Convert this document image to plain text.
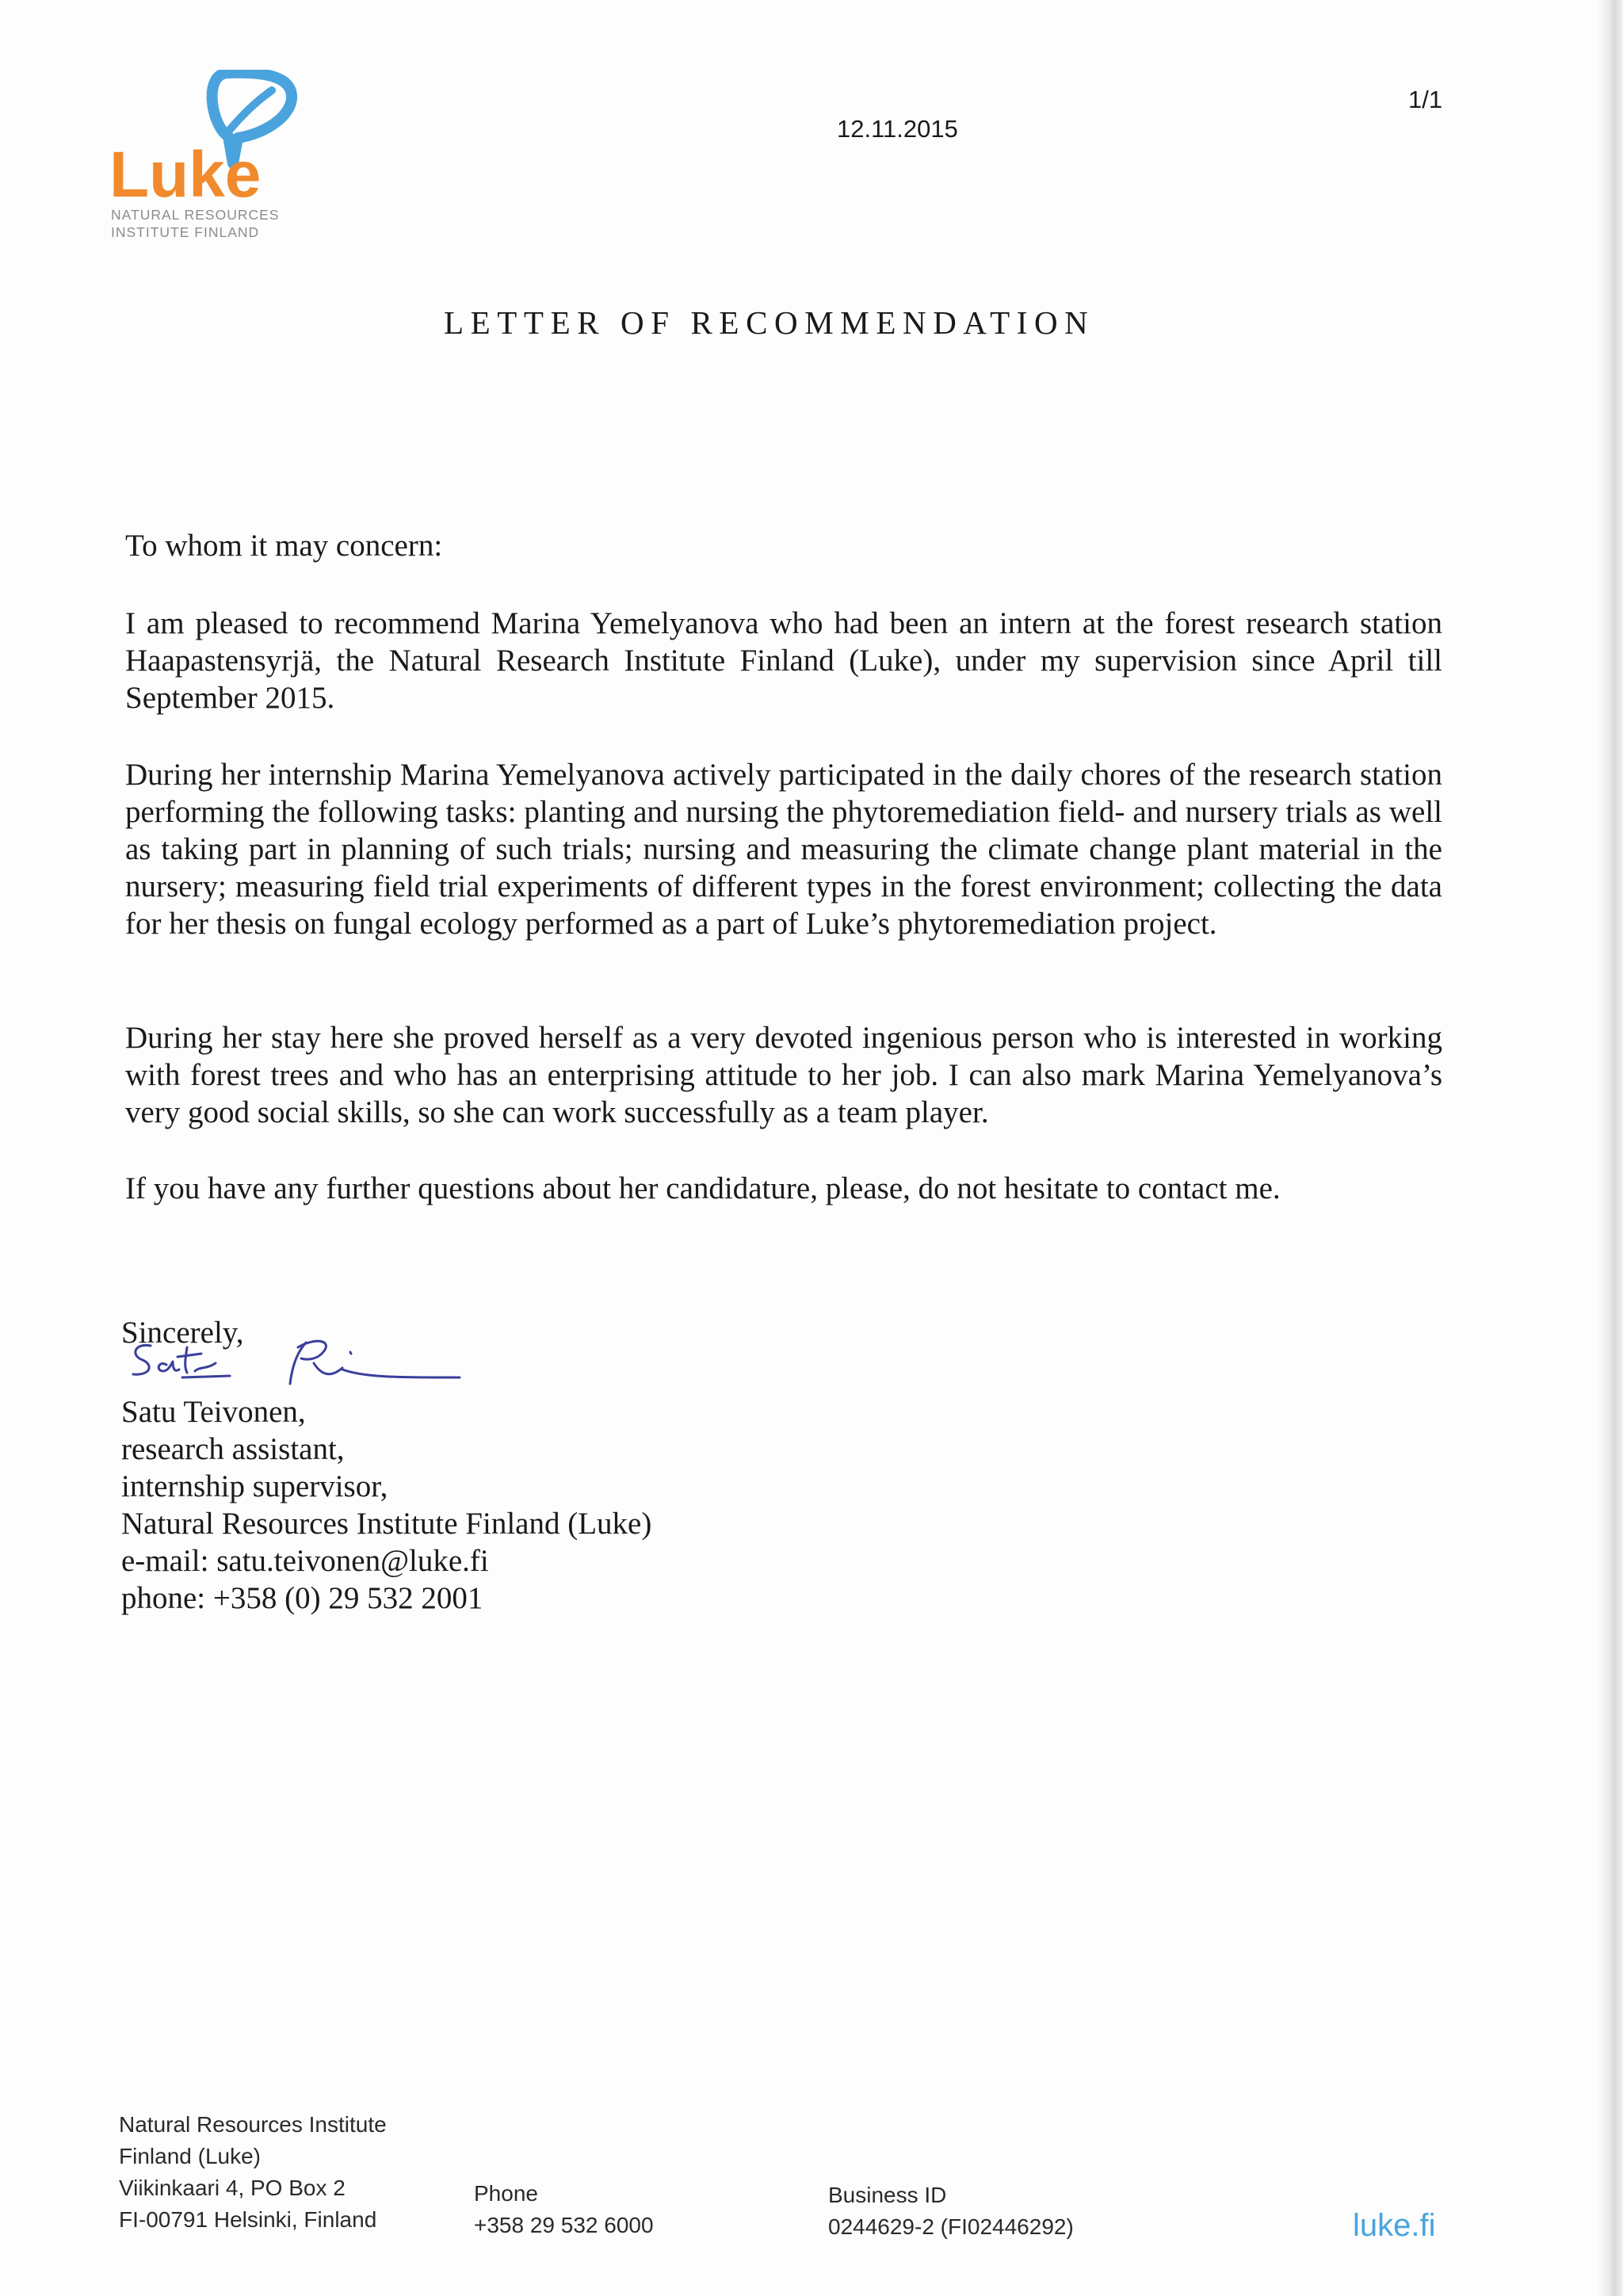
Luke
NATURAL RESOURCES
INSTITUTE FINLAND
12.11.2015
1/1
LETTER OF RECOMMENDATION
To whom it may concern:
I am pleased to recommend Marina Yemelyanova who had been an intern at the forest research station Haapastensyrjä, the Natural Research Institute Finland (Luke), under my supervision since April till September 2015.
During her internship Marina Yemelyanova actively participated in the daily chores of the research station performing the following tasks: planting and nursing the phytoremediation field- and nursery trials as well as taking part in planning of such trials; nursing and measuring the climate change plant material in the nursery; measuring field trial experiments of different types in the forest environment; collecting the data for her thesis on fungal ecology performed as a part of Luke’s phytoremediation project.
During her stay here she proved herself as a very devoted ingenious person who is interested in working with forest trees and who has an enterprising attitude to her job. I can also mark Marina Yemelyanova’s very good social skills, so she can work successfully as a team player.
If you have any further questions about her candidature, please, do not hesitate to contact me.
Sincerely,
Satu Teivonen,
research assistant,
internship supervisor,
Natural Resources Institute Finland (Luke)
e-mail: satu.teivonen@luke.fi
phone: +358 (0) 29 532 2001
Natural Resources Institute
Finland (Luke)
Viikinkaari 4, PO Box 2
FI-00791 Helsinki, Finland
Phone
+358 29 532 6000
Business ID
0244629-2 (FI02446292)	luke.fi
